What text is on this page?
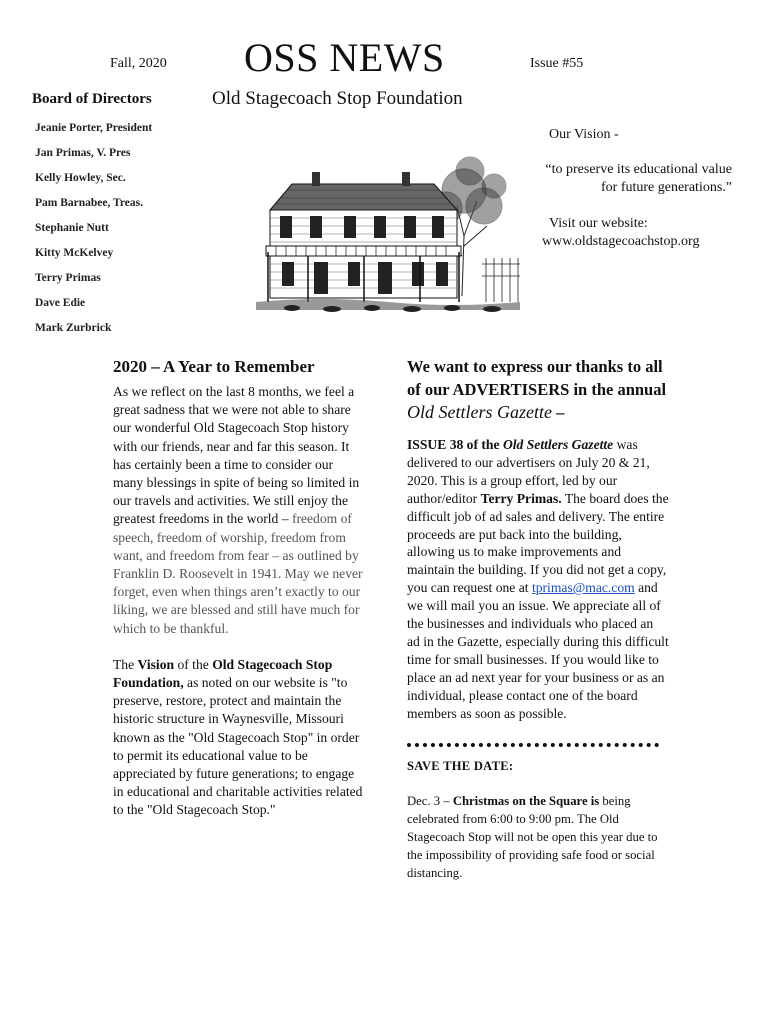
Fall, 2020 OSS NEWS	Issue #55
Old Stagecoach Stop Foundation
Board of Directors
Jeanie Porter, President
Jan Primas, V. Pres
Kelly Howley, Sec.
Pam Barnabee, Treas.
Stephanie Nutt
Kitty McKelvey
Terry Primas
Dave Edie
Mark Zurbrick
Our Vision -
“to preserve its educational value for future generations.”
Visit our website:
www.oldstagecoachstop.org
2020 – A Year to Remember

As we reflect on the last 8 months, we feel a great sadness that we were not able to share our wonderful Old Stagecoach Stop history with our friends, near and far this season. It has certainly been a time to consider our many blessings in spite of being so limited in our travels and activities. We still enjoy the greatest freedoms in the world – freedom of speech, freedom of worship, freedom from want, and freedom from fear – as outlined by Franklin D. Roosevelt in 1941. May we never forget, even when things aren’t exactly to our liking, we are blessed and still have much for which to be thankful.

The Vision of the Old Stagecoach Stop Foundation, as noted on our website is "to preserve, restore, protect and maintain the historic structure in Waynesville, Missouri known as the "Old Stagecoach Stop" in order to permit its educational value to be appreciated by future generations; to engage in educational and charitable activities related to the "Old Stagecoach Stop."

We want to express our thanks to all of our ADVERTISERS in the annual Old Settlers Gazette –

ISSUE 38 of the Old Settlers Gazette was delivered to our advertisers on July 20 & 21, 2020. This is a group effort, led by our author/editor Terry Primas. The board does the difficult job of ad sales and delivery. The entire proceeds are put back into the building, allowing us to make improvements and maintain the building. If you did not get a copy, you can request one at tprimas@mac.com and we will mail you an issue. We appreciate all of the businesses and individuals who placed an ad in the Gazette, especially during this difficult time for small businesses. If you would like to place an ad next year for your business or as an individual, please contact one of the board members as soon as possible.

SAVE THE DATE:

Dec. 3 – Christmas on the Square is being celebrated from 6:00 to 9:00 pm. The Old Stagecoach Stop will not be open this year due to the impossibility of providing safe food or social distancing.
